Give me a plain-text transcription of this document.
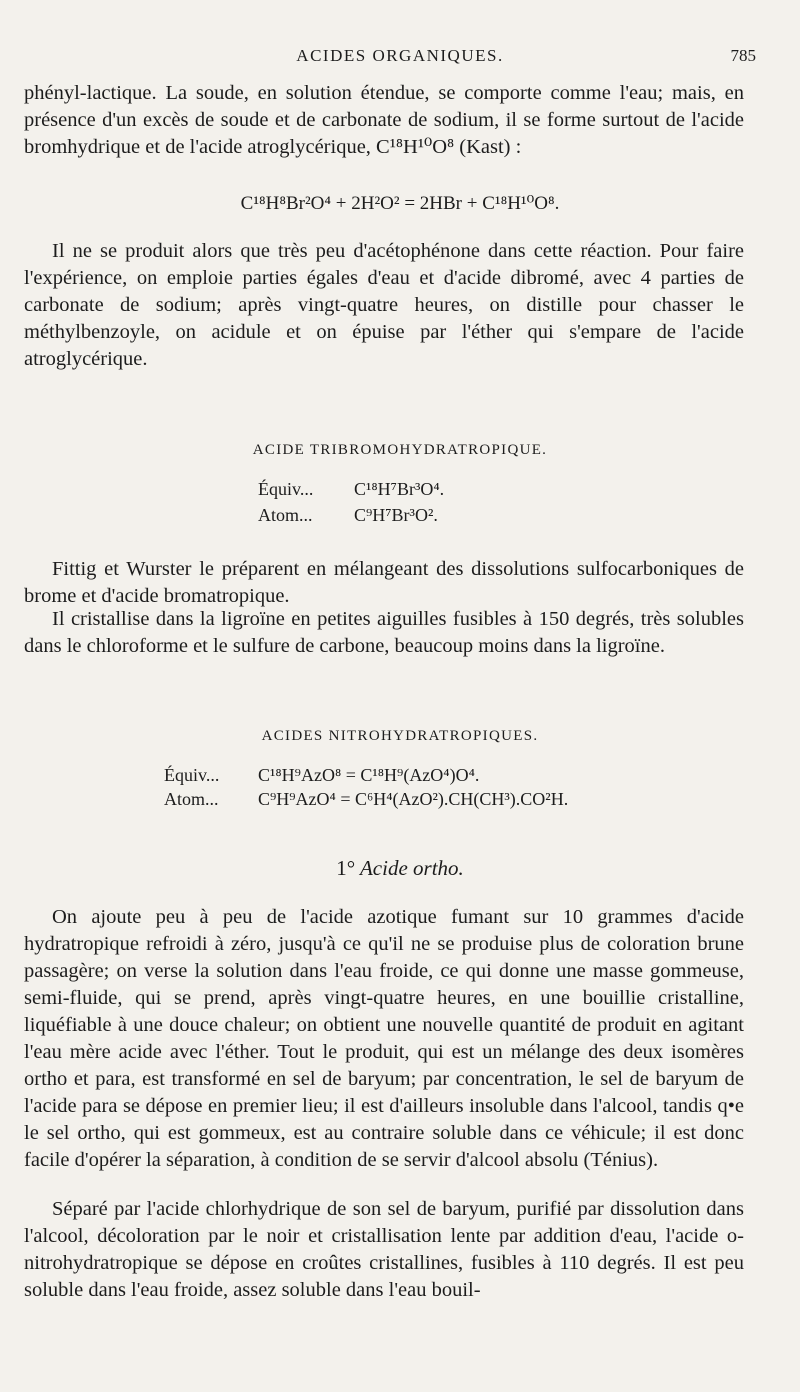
ACIDES ORGANIQUES.	785

phényl-lactique. La soude, en solution étendue, se comporte comme l'eau; mais, en présence d'un excès de soude et de carbonate de sodium, il se forme surtout de l'acide bromhydrique et de l'acide atroglycérique, C¹⁸H¹⁰O⁸ (Kast) :

C¹⁸H⁸Br²O⁴ + 2H²O² = 2HBr + C¹⁸H¹⁰O⁸.

Il ne se produit alors que très peu d'acétophénone dans cette réaction. Pour faire l'expérience, on emploie parties égales d'eau et d'acide dibromé, avec 4 parties de carbonate de sodium; après vingt-quatre heures, on distille pour chasser le méthylbenzoyle, on acidule et on épuise par l'éther qui s'empare de l'acide atroglycérique.

ACIDE TRIBROMOHYDRATROPIQUE.
Équiv... C¹⁸H⁷Br³O⁴.
Atom... C⁹H⁷Br³O².

Fittig et Wurster le préparent en mélangeant des dissolutions sulfocarboniques de brome et d'acide bromatropique.

Il cristallise dans la ligroïne en petites aiguilles fusibles à 150 degrés, très solubles dans le chloroforme et le sulfure de carbone, beaucoup moins dans la ligroïne.

ACIDES NITROHYDRATROPIQUES.
Équiv... C¹⁸H⁹AzO⁸ = C¹⁸H⁹(AzO⁴)O⁴.
Atom... C⁹H⁹AzO⁴ = C⁶H⁴(AzO²).CH(CH³).CO²H.
1° Acide ortho.

On ajoute peu à peu de l'acide azotique fumant sur 10 grammes d'acide hydratropique refroidi à zéro, jusqu'à ce qu'il ne se produise plus de coloration brune passagère; on verse la solution dans l'eau froide, ce qui donne une masse gommeuse, semi-fluide, qui se prend, après vingt-quatre heures, en une bouillie cristalline, liquéfiable à une douce chaleur; on obtient une nouvelle quantité de produit en agitant l'eau mère acide avec l'éther. Tout le produit, qui est un mélange des deux isomères ortho et para, est transformé en sel de baryum; par concentration, le sel de baryum de l'acide para se dépose en premier lieu; il est d'ailleurs insoluble dans l'alcool, tandis q•e le sel ortho, qui est gommeux, est au contraire soluble dans ce véhicule; il est donc facile d'opérer la séparation, à condition de se servir d'alcool absolu (Ténius).

Séparé par l'acide chlorhydrique de son sel de baryum, purifié par dissolution dans l'alcool, décoloration par le noir et cristallisation lente par addition d'eau, l'acide o-nitrohydratropique se dépose en croûtes cristallines, fusibles à 110 degrés. Il est peu soluble dans l'eau froide, assez soluble dans l'eau bouil-
